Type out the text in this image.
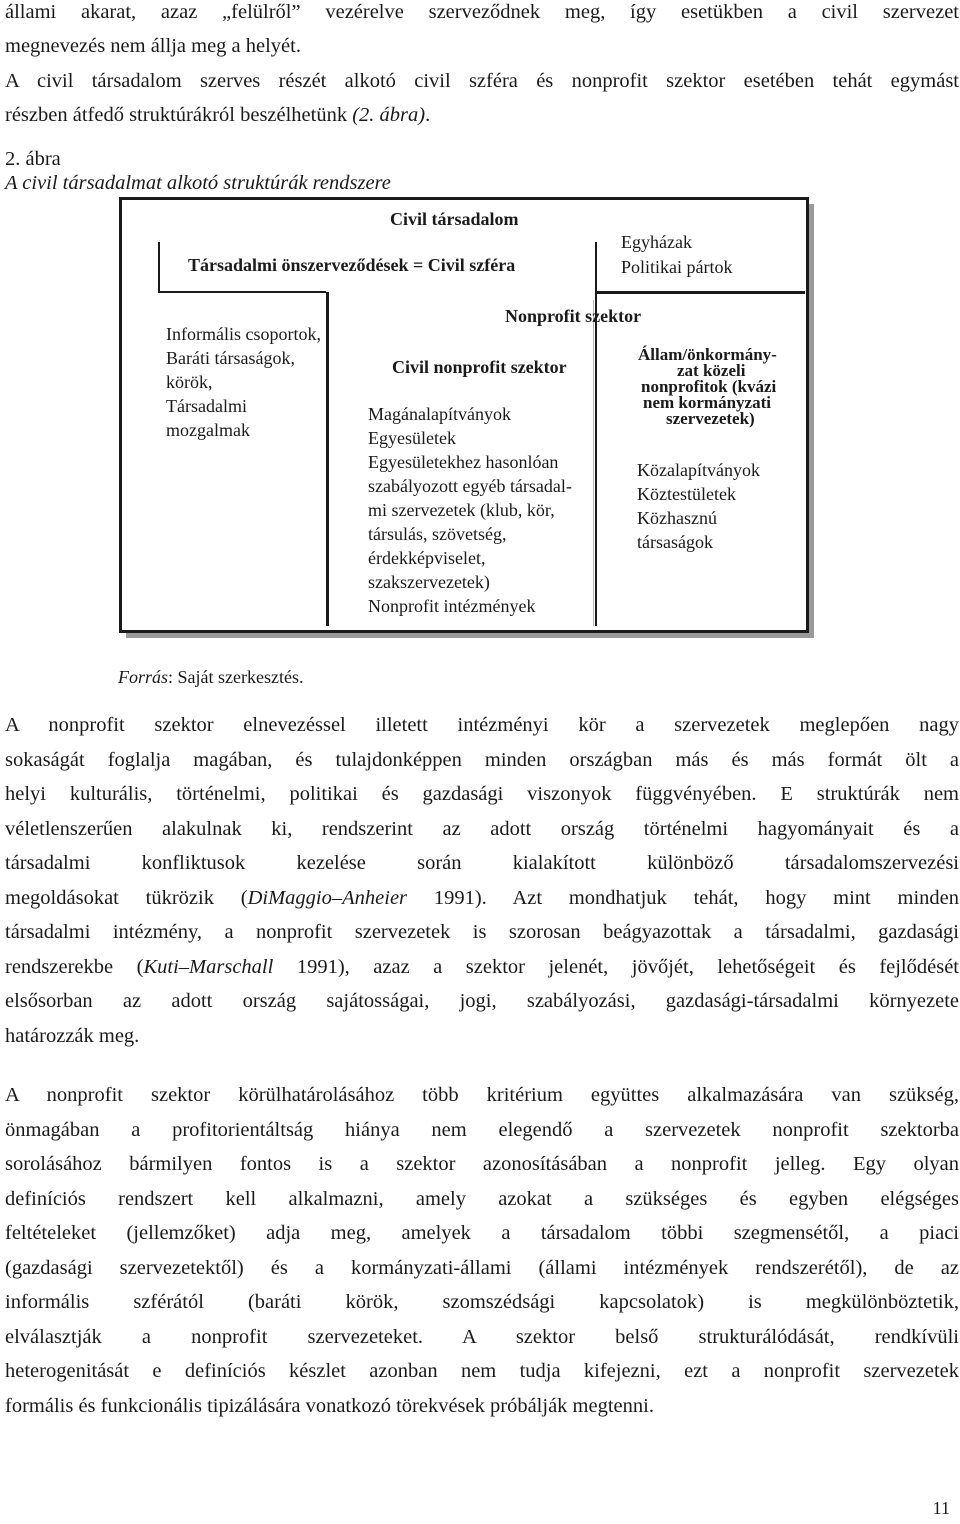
állami akarat, azaz „felülről” vezérelve szerveződnek meg, így esetükben a civil szervezet
megnevezés nem állja meg a helyét.
A civil társadalom szerves részét alkotó civil szféra és nonprofit szektor esetében tehát egymást
részben átfedő struktúrákról beszélhetünk (2. ábra).
2. ábra
A civil társadalmat alkotó struktúrák rendszere
Civil társadalom
Társadalmi önszerveződések = Civil szféra
Egyházak
Politikai pártok
Informális csoportok,
Baráti társaságok,
körök,
Társadalmi
mozgalmak
Nonprofit szektor
Civil nonprofit szektor
Magánalapítványok
Egyesületek
Egyesületekhez hasonlóan
szabályozott egyéb társadal-
mi szervezetek (klub, kör,
társulás, szövetség,
érdekképviselet,
szakszervezetek)
Nonprofit intézmények
Állam/önkormány-
zat közeli
nonprofitok (kvázi
nem kormányzati
szervezetek)
Közalapítványok
Köztestületek
Közhasznú
társaságok
Forrás: Saját szerkesztés.
A nonprofit szektor elnevezéssel illetett intézményi kör a szervezetek meglepően nagy
sokaságát foglalja magában, és tulajdonképpen minden országban más és más formát ölt a
helyi kulturális, történelmi, politikai és gazdasági viszonyok függvényében. E struktúrák nem
véletlenszerűen alakulnak ki, rendszerint az adott ország történelmi hagyományait és a
társadalmi konfliktusok kezelése során kialakított különböző társadalomszervezési
megoldásokat tükrözik (DiMaggio–Anheier 1991). Azt mondhatjuk tehát, hogy mint minden
társadalmi intézmény, a nonprofit szervezetek is szorosan beágyazottak a társadalmi, gazdasági
rendszerekbe (Kuti–Marschall 1991), azaz a szektor jelenét, jövőjét, lehetőségeit és fejlődését
elsősorban az adott ország sajátosságai, jogi, szabályozási, gazdasági-társadalmi környezete
határozzák meg.
A nonprofit szektor körülhatárolásához több kritérium együttes alkalmazására van szükség,
önmagában a profitorientáltság hiánya nem elegendő a szervezetek nonprofit szektorba
sorolásához bármilyen fontos is a szektor azonosításában a nonprofit jelleg. Egy olyan
definíciós rendszert kell alkalmazni, amely azokat a szükséges és egyben elégséges
feltételeket (jellemzőket) adja meg, amelyek a társadalom többi szegmensétől, a piaci
(gazdasági szervezetektől) és a kormányzati-állami (állami intézmények rendszerétől), de az
informális szférától (baráti körök, szomszédsági kapcsolatok) is megkülönböztetik,
elválasztják a nonprofit szervezeteket. A szektor belső strukturálódását, rendkívüli
heterogenitását e definíciós készlet azonban nem tudja kifejezni, ezt a nonprofit szervezetek
formális és funkcionális tipizálására vonatkozó törekvések próbálják megtenni.
11
